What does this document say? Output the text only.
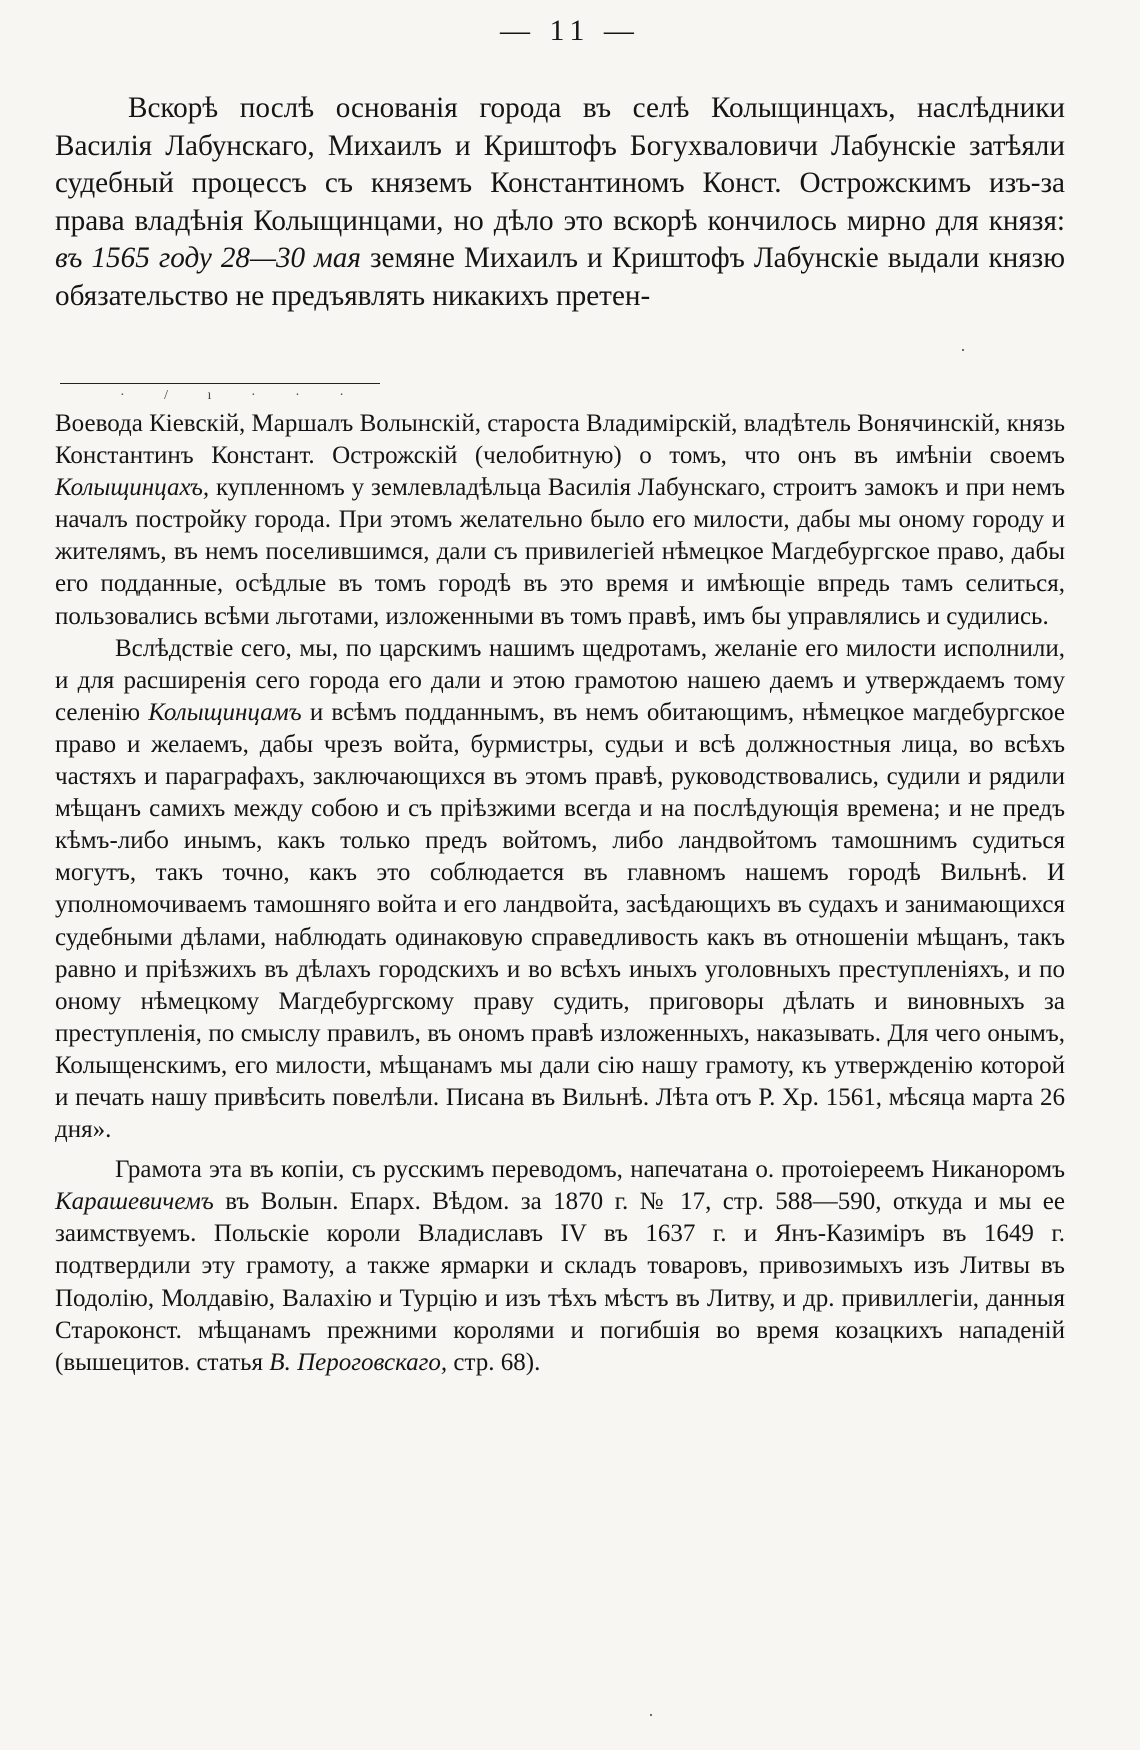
— 11 —

Вскорѣ послѣ основанія города въ селѣ Колыщинцахъ, наслѣдники Василія Лабунскаго, Михаилъ и Криштофъ Богухваловичи Лабунскіе затѣяли судебный процессъ съ княземъ Константиномъ Конст. Острожскимъ изъ-за права владѣнія Колыщинцами, но дѣло это вскорѣ кончилось мирно для князя: въ 1565 году 28—30 мая земяне Михаилъ и Криштофъ Лабунскіе выдали князю обязательство не предъявлять никакихъ претен-

· / ı · · ·

Воевода Кіевскій, Маршалъ Волынскій, староста Владимірскій, владѣтель Вонячинскій, князь Константинъ Констант. Острожскій (челобитную) о томъ, что онъ въ имѣніи своемъ Колыщинцахъ, купленномъ у землевладѣльца Василія Лабунскаго, строитъ замокъ и при немъ началъ постройку города. При этомъ желательно было его милости, дабы мы оному городу и жителямъ, въ немъ поселившимся, дали съ привилегіей нѣмецкое Магдебургское право, дабы его подданные, осѣдлые въ томъ городѣ въ это время и имѣющіе впредь тамъ селиться, пользовались всѣми льготами, изложенными въ томъ правѣ, имъ бы управлялись и судились.

Вслѣдствіе сего, мы, по царскимъ нашимъ щедротамъ, желаніе его милости исполнили, и для расширенія сего города его дали и этою грамотою нашею даемъ и утверждаемъ тому селенію Колыщинцамъ и всѣмъ подданнымъ, въ немъ обитающимъ, нѣмецкое магдебургское право и желаемъ, дабы чрезъ войта, бурмистры, судьи и всѣ должностныя лица, во всѣхъ частяхъ и параграфахъ, заключающихся въ этомъ правѣ, руководствовались, судили и рядили мѣщанъ самихъ между собою и съ пріѣзжими всегда и на послѣдующія времена; и не предъ кѣмъ-либо инымъ, какъ только предъ войтомъ, либо ландвойтомъ тамошнимъ судиться могутъ, такъ точно, какъ это соблюдается въ главномъ нашемъ городѣ Вильнѣ. И уполномочиваемъ тамошняго войта и его ландвойта, засѣдающихъ въ судахъ и занимающихся судебными дѣлами, наблюдать одинаковую справедливость какъ въ отношеніи мѣщанъ, такъ равно и пріѣзжихъ въ дѣлахъ городскихъ и во всѣхъ иныхъ уголовныхъ преступленіяхъ, и по оному нѣмецкому Магдебургскому праву судить, приговоры дѣлать и виновныхъ за преступленія, по смыслу правилъ, въ ономъ правѣ изложенныхъ, наказывать. Для чего онымъ, Колыщенскимъ, его милости, мѣщанамъ мы дали сію нашу грамоту, къ утвержденію которой и печать нашу привѣсить повелѣли. Писана въ Вильнѣ. Лѣта отъ Р. Хр. 1561, мѣсяца марта 26 дня».

Грамота эта въ копіи, съ русскимъ переводомъ, напечатана о. протоіереемъ Никаноромъ Карашевичемъ въ Волын. Епарх. Вѣдом. за 1870 г. № 17, стр. 588—590, откуда и мы ее заимствуемъ. Польскіе короли Владиславъ IV въ 1637 г. и Янъ-Казиміръ въ 1649 г. подтвердили эту грамоту, а также ярмарки и складъ товаровъ, привозимыхъ изъ Литвы въ Подолію, Молдавію, Валахію и Турцію и изъ тѣхъ мѣстъ въ Литву, и др. привиллегіи, данныя Староконст. мѣщанамъ прежними королями и погибшія во время козацкихъ нападеній (вышецитов. статья В. Пероговскаго, стр. 68).

·
·
